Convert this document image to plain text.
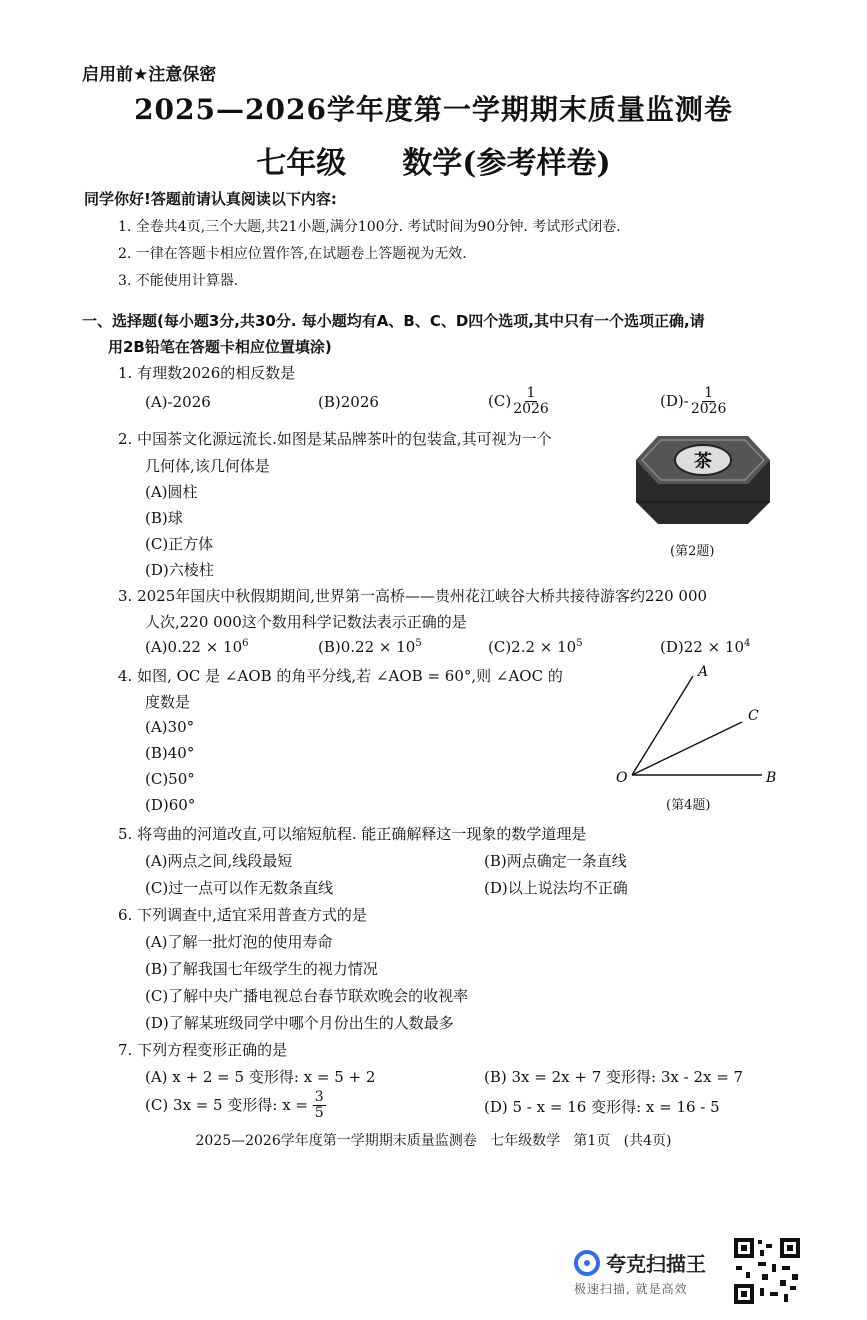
启用前★注意保密
2025—2026学年度第一学期期末质量监测卷
七年级 数学(参考样卷)
同学你好!答题前请认真阅读以下内容:
1. 全卷共4页,三个大题,共21小题,满分100分. 考试时间为90分钟. 考试形式闭卷.
2. 一律在答题卡相应位置作答,在试题卷上答题视为无效.
3. 不能使用计算器.
一、选择题(每小题3分,共30分. 每小题均有A、B、C、D四个选项,其中只有一个选项正确,请
用2B铅笔在答题卡相应位置填涂)
1. 有理数2026的相反数是
(A)-2026	(B)2026	$(C) \frac{1}{2026}$	$(D)- \frac{1}{2026}$
2. 中国茶文化源远流长.如图是某品牌茶叶的包装盒,其可视为一个
几何体,该几何体是
(A)圆柱
(B)球
(C)正方体
(D)六棱柱
茶
(第2题)
3. 2025年国庆中秋假期期间,世界第一高桥——贵州花江峡谷大桥共接待游客约220 000
人次,220 000这个数用科学记数法表示正确的是
$(A)0.22 \times 10^6$	$(B)0.22 \times 10^5$	$(C)2.2 \times 10^5$	$(D)22 \times 10^4$
4. 如图, OC 是 ∠AOB 的角平分线,若 ∠AOB = 60°,则 ∠AOC 的
度数是
(A)30°
(B)40°
(C)50°
(D)60°
A
C
O	B
(第4题)
5. 将弯曲的河道改直,可以缩短航程. 能正确解释这一现象的数学道理是
(A)两点之间,线段最短	(B)两点确定一条直线
(C)过一点可以作无数条直线	(D)以上说法均不正确
6. 下列调查中,适宜采用普查方式的是
(A)了解一批灯泡的使用寿命
(B)了解我国七年级学生的视力情况
(C)了解中央广播电视总台春节联欢晚会的收视率
(D)了解某班级同学中哪个月份出生的人数最多
7. 下列方程变形正确的是
(A) x + 2 = 5 变形得: x = 5 + 2	(B) 3x = 2x + 7 变形得: 3x - 2x = 7
(C) 3x = 5 变形得: $x = \frac{3}{5}$	(D) 5 - x = 16 变形得: x = 16 - 5
2025—2026学年度第一学期期末质量监测卷   七年级数学   第1页   (共4页)
夸克扫描王
极速扫描, 就是高效
